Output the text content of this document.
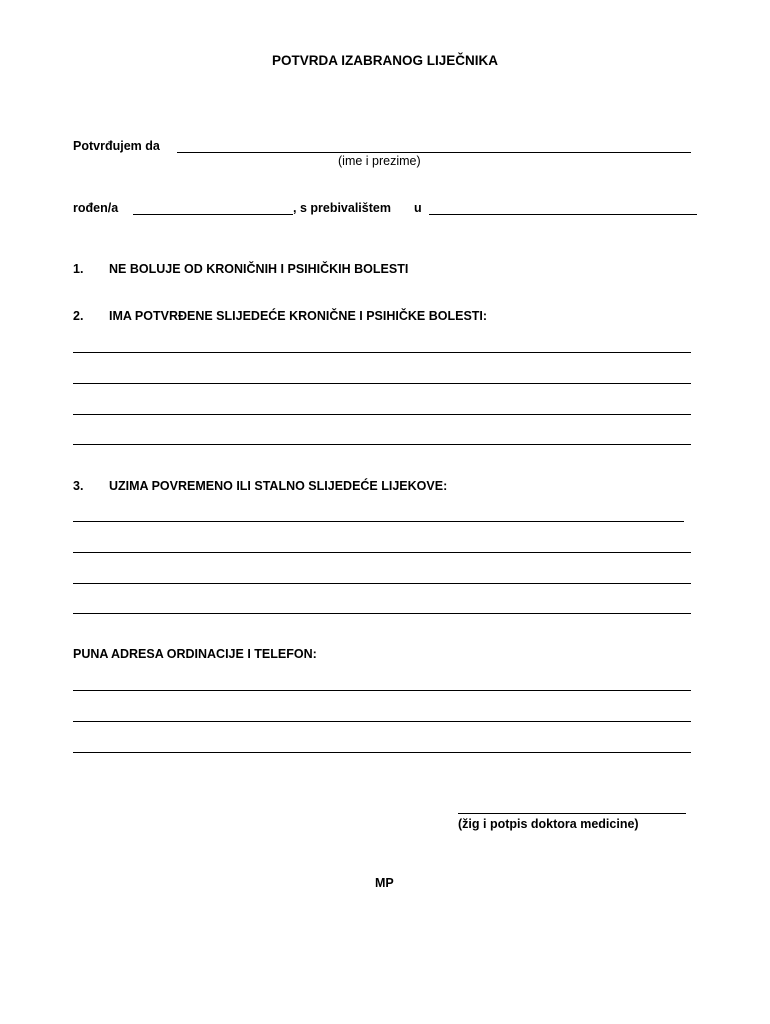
POTVRDA IZABRANOG LIJEČNIKA
Potvrđujem da
(ime i prezime)
rođen/a	, s prebivalištem u
1. NE BOLUJE OD KRONIČNIH I PSIHIČKIH BOLESTI
2. IMA POTVRĐENE SLIJEDEĆE KRONIČNE I PSIHIČKE BOLESTI:
3. UZIMA POVREMENO ILI STALNO SLIJEDEĆE LIJEKOVE:
PUNA ADRESA ORDINACIJE I TELEFON:
(žig i potpis doktora medicine)
MP
